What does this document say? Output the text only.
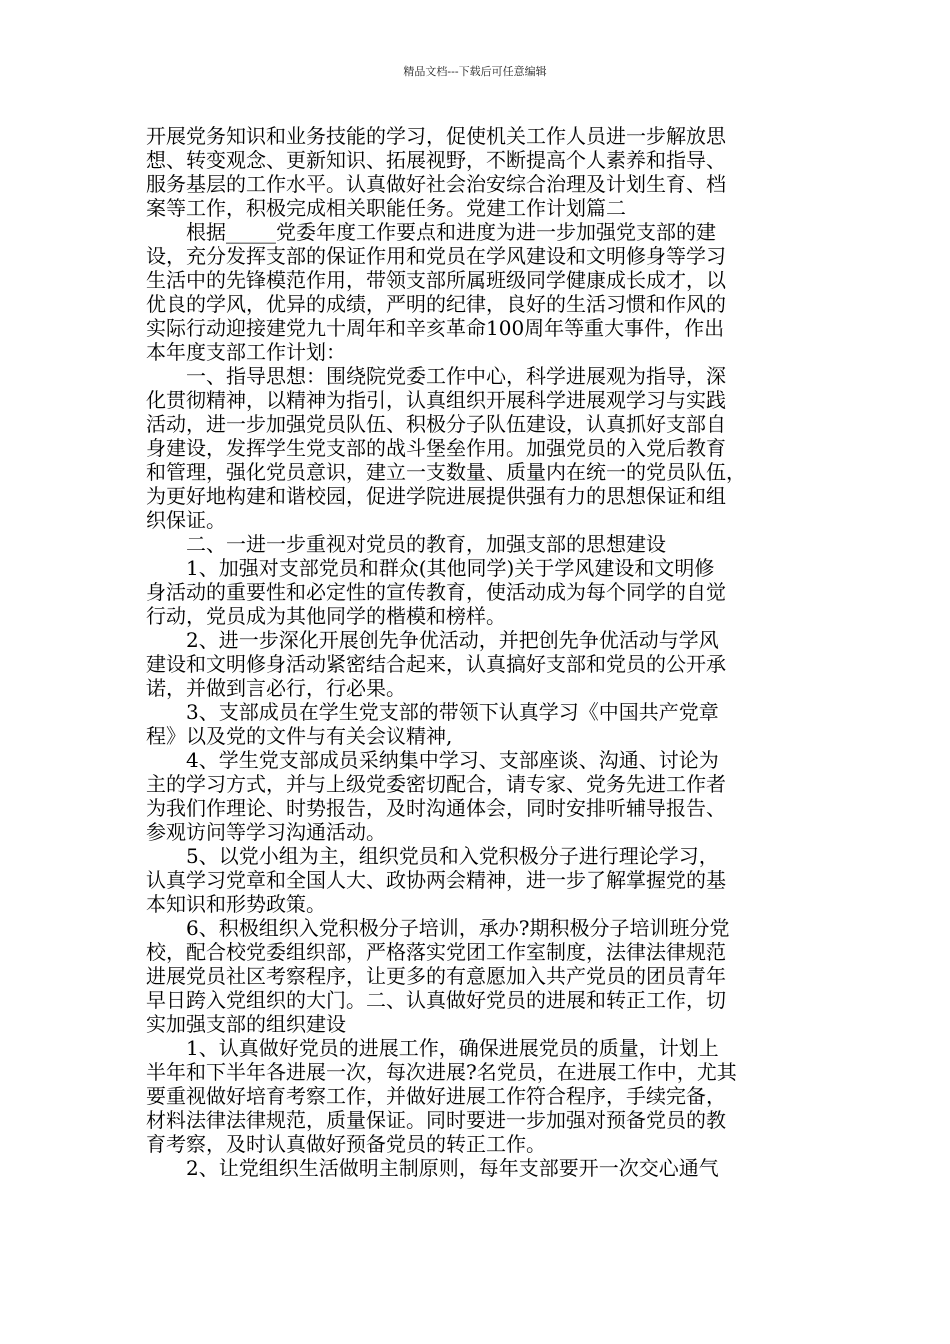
精品文档---下载后可任意编辑
开展党务知识和业务技能的学习，促使机关工作人员进一步解放思
想、转变观念、更新知识、拓展视野，不断提高个人素养和指导、
服务基层的工作水平。认真做好社会治安综合治理及计划生育、档
案等工作，积极完成相关职能任务。党建工作计划篇二
　　根据_____党委年度工作要点和进度为进一步加强党支部的建
设，充分发挥支部的保证作用和党员在学风建设和文明修身等学习
生活中的先锋模范作用，带领支部所属班级同学健康成长成才，以
优良的学风，优异的成绩，严明的纪律，良好的生活习惯和作风的
实际行动迎接建党九十周年和辛亥革命100周年等重大事件，作出
本年度支部工作计划：
　　一、指导思想：围绕院党委工作中心，科学进展观为指导，深
化贯彻精神，以精神为指引，认真组织开展科学进展观学习与实践
活动，进一步加强党员队伍、积极分子队伍建设，认真抓好支部自
身建设，发挥学生党支部的战斗堡垒作用。加强党员的入党后教育
和管理，强化党员意识，建立一支数量、质量内在统一的党员队伍，
为更好地构建和谐校园，促进学院进展提供强有力的思想保证和组
织保证。
　　二、一进一步重视对党员的教育，加强支部的思想建设
　　1、加强对支部党员和群众(其他同学)关于学风建设和文明修
身活动的重要性和必定性的宣传教育，使活动成为每个同学的自觉
行动，党员成为其他同学的楷模和榜样。
　　2、进一步深化开展创先争优活动，并把创先争优活动与学风
建设和文明修身活动紧密结合起来，认真搞好支部和党员的公开承
诺，并做到言必行，行必果。
　　3、支部成员在学生党支部的带领下认真学习《中国共产党章
程》以及党的文件与有关会议精神,
　　4、学生党支部成员采纳集中学习、支部座谈、沟通、讨论为
主的学习方式，并与上级党委密切配合，请专家、党务先进工作者
为我们作理论、时势报告，及时沟通体会，同时安排听辅导报告、
参观访问等学习沟通活动。
　　5、以党小组为主，组织党员和入党积极分子进行理论学习，
认真学习党章和全国人大、政协两会精神，进一步了解掌握党的基
本知识和形势政策。
　　6、积极组织入党积极分子培训，承办?期积极分子培训班分党
校，配合校党委组织部，严格落实党团工作室制度，法律法律规范
进展党员社区考察程序，让更多的有意愿加入共产党员的团员青年
早日跨入党组织的大门。二、认真做好党员的进展和转正工作，切
实加强支部的组织建设
　　1、认真做好党员的进展工作，确保进展党员的质量，计划上
半年和下半年各进展一次，每次进展?名党员，在进展工作中，尤其
要重视做好培育考察工作，并做好进展工作符合程序，手续完备，
材料法律法律规范，质量保证。同时要进一步加强对预备党员的教
育考察，及时认真做好预备党员的转正工作。
　　2、让党组织生活做明主制原则，每年支部要开一次交心通气
